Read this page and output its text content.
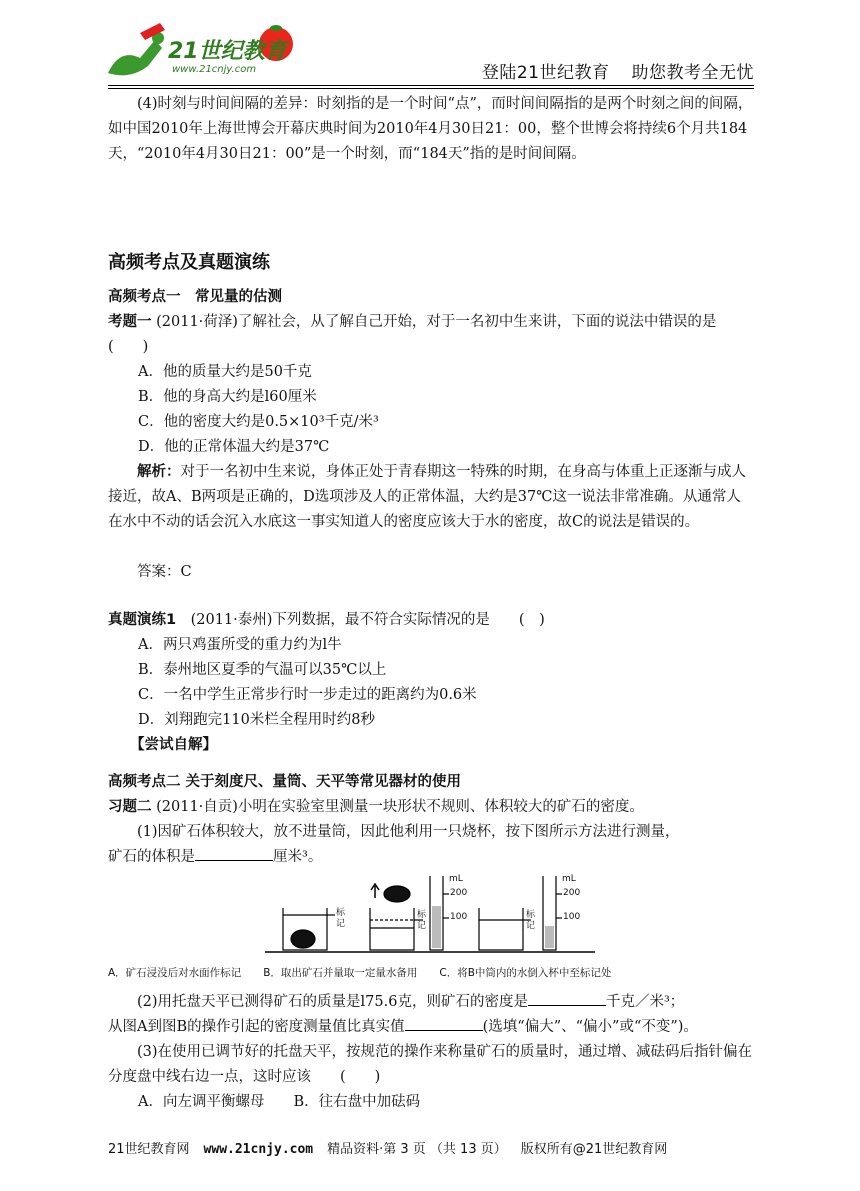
21世纪教育
www.21cnjy.com	登陆21世纪教育 助您教考全无忧
(4)时刻与时间间隔的差异：时刻指的是一个时间“点”，而时间间隔指的是两个时刻之间的间隔，如中国2010年上海世博会开幕庆典时间为2010年4月30日21：00，整个世博会将持续6个月共184天，“2010年4月30日21：00”是一个时刻，而“184天”指的是时间间隔。
高频考点及真题演练
高频考点一　常见量的估测
考题一 (2011·荷泽)了解社会，从了解自己开始，对于一名初中生来讲，下面的说法中错误的是　　(　　)
A．他的质量大约是50千克
B．他的身高大约是l60厘米
C．他的密度大约是0.5×10³千克/米³
D．他的正常体温大约是37℃
解析：对于一名初中生来说，身体正处于青春期这一特殊的时期，在身高与体重上正逐渐与成人接近，故A、B两项是正确的，D选项涉及人的正常体温，大约是37℃这一说法非常准确。从通常人在水中不动的话会沉入水底这一事实知道人的密度应该大于水的密度，故C的说法是错误的。
答案：C
真题演练1　(2011·泰州)下列数据，最不符合实际情况的是　　(　)
A．两只鸡蛋所受的重力约为l牛
B．泰州地区夏季的气温可以35℃以上
C．一名中学生正常步行时一步走过的距离约为0.6米
D．刘翔跑完110米栏全程用时约8秒
【尝试自解】
高频考点二 关于刻度尺、量筒、天平等常见器材的使用
习题二 (2011·自贡)小明在实验室里测量一块形状不规则、体积较大的矿石的密度。
(1)因矿石体积较大，放不进量筒，因此他利用一只烧杯，按下图所示方法进行测量，
矿石的体积是	厘米³。
标记
标记
标记
mL
200
100
mL
200
100
A．矿石浸没后对水面作标记 B．取出矿石并量取一定量水备用 C．将B中筒内的水倒入杯中至标记处
(2)用托盘天平已测得矿石的质量是l75.6克，则矿石的密度是	千克／米³；
从图A到图B的操作引起的密度测量值比真实值	(选填“偏大”、“偏小”或“不变”)。
(3)在使用已调节好的托盘天平，按规范的操作来称量矿石的质量时，通过增、减砝码后指针偏在分度盘中线右边一点，这时应该　　(　　)
A．向左调平衡螺母　　B．往右盘中加砝码
21世纪教育网 www.21cnjy.com 精品资料·第 3 页 （共 13 页） 版权所有@21世纪教育网
